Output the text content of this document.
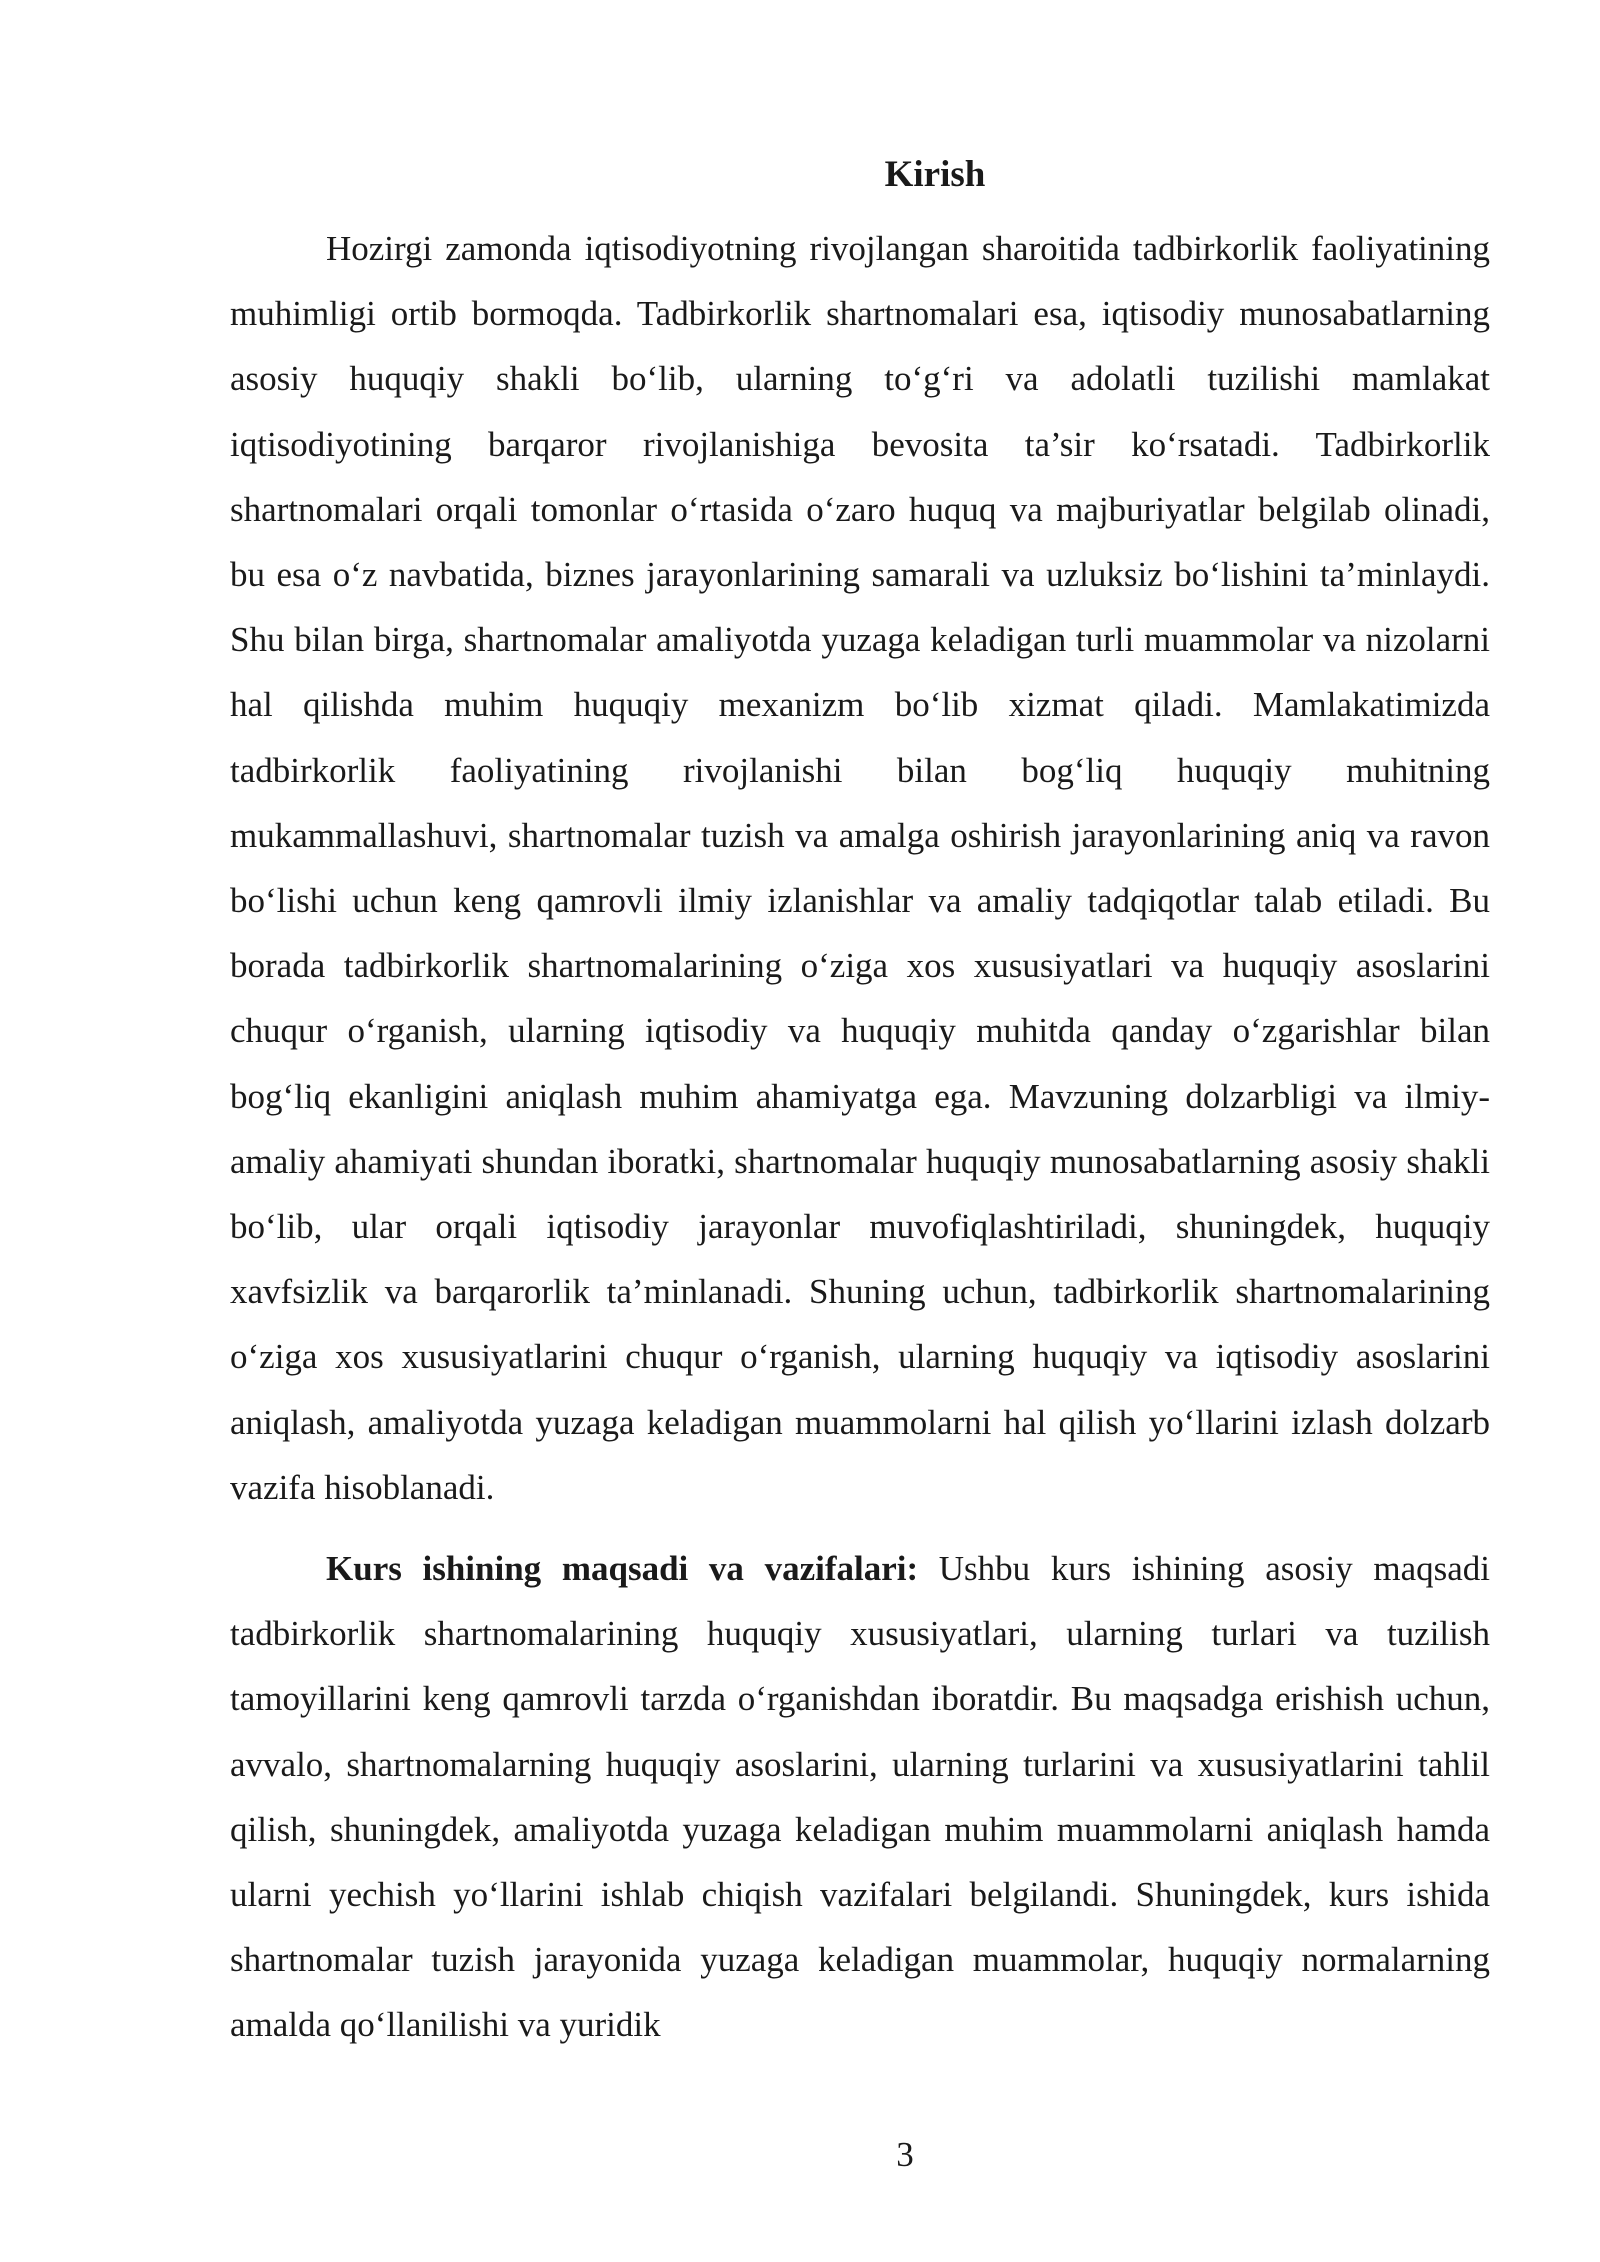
Kirish

Hozirgi zamonda iqtisodiyotning rivojlangan sharoitida tadbirkorlik faoliyatining muhimligi ortib bormoqda. Tadbirkorlik shartnomalari esa, iqtisodiy munosabatlarning asosiy huquqiy shakli bo‘lib, ularning to‘g‘ri va adolatli tuzilishi mamlakat iqtisodiyotining barqaror rivojlanishiga bevosita ta’sir ko‘rsatadi. Tadbirkorlik shartnomalari orqali tomonlar o‘rtasida o‘zaro huquq va majburiyatlar belgilab olinadi, bu esa o‘z navbatida, biznes jarayonlarining samarali va uzluksiz bo‘lishini ta’minlaydi. Shu bilan birga, shartnomalar amaliyotda yuzaga keladigan turli muammolar va nizolarni hal qilishda muhim huquqiy mexanizm bo‘lib xizmat qiladi. Mamlakatimizda tadbirkorlik faoliyatining rivojlanishi bilan bog‘liq huquqiy muhitning mukammallashuvi, shartnomalar tuzish va amalga oshirish jarayonlarining aniq va ravon bo‘lishi uchun keng qamrovli ilmiy izlanishlar va amaliy tadqiqotlar talab etiladi. Bu borada tadbirkorlik shartnomalarining o‘ziga xos xususiyatlari va huquqiy asoslarini chuqur o‘rganish, ularning iqtisodiy va huquqiy muhitda qanday o‘zgarishlar bilan bog‘liq ekanligini aniqlash muhim ahamiyatga ega. Mavzuning dolzarbligi va ilmiy- amaliy ahamiyati shundan iboratki, shartnomalar huquqiy munosabatlarning asosiy shakli bo‘lib, ular orqali iqtisodiy jarayonlar muvofiqlashtiriladi, shuningdek, huquqiy xavfsizlik va barqarorlik ta’minlanadi. Shuning uchun, tadbirkorlik shartnomalarining o‘ziga xos xususiyatlarini chuqur o‘rganish, ularning huquqiy va iqtisodiy asoslarini aniqlash, amaliyotda yuzaga keladigan muammolarni hal qilish yo‘llarini izlash dolzarb vazifa hisoblanadi.

Kurs ishining maqsadi va vazifalari: Ushbu kurs ishining asosiy maqsadi tadbirkorlik shartnomalarining huquqiy xususiyatlari, ularning turlari va tuzilish tamoyillarini keng qamrovli tarzda o‘rganishdan iboratdir. Bu maqsadga erishish uchun, avvalo, shartnomalarning huquqiy asoslarini, ularning turlarini va xususiyatlarini tahlil qilish, shuningdek, amaliyotda yuzaga keladigan muhim muammolarni aniqlash hamda ularni yechish yo‘llarini ishlab chiqish vazifalari belgilandi. Shuningdek, kurs ishida shartnomalar tuzish jarayonida yuzaga keladigan muammolar, huquqiy normalarning amalda qo‘llanilishi va yuridik

3
